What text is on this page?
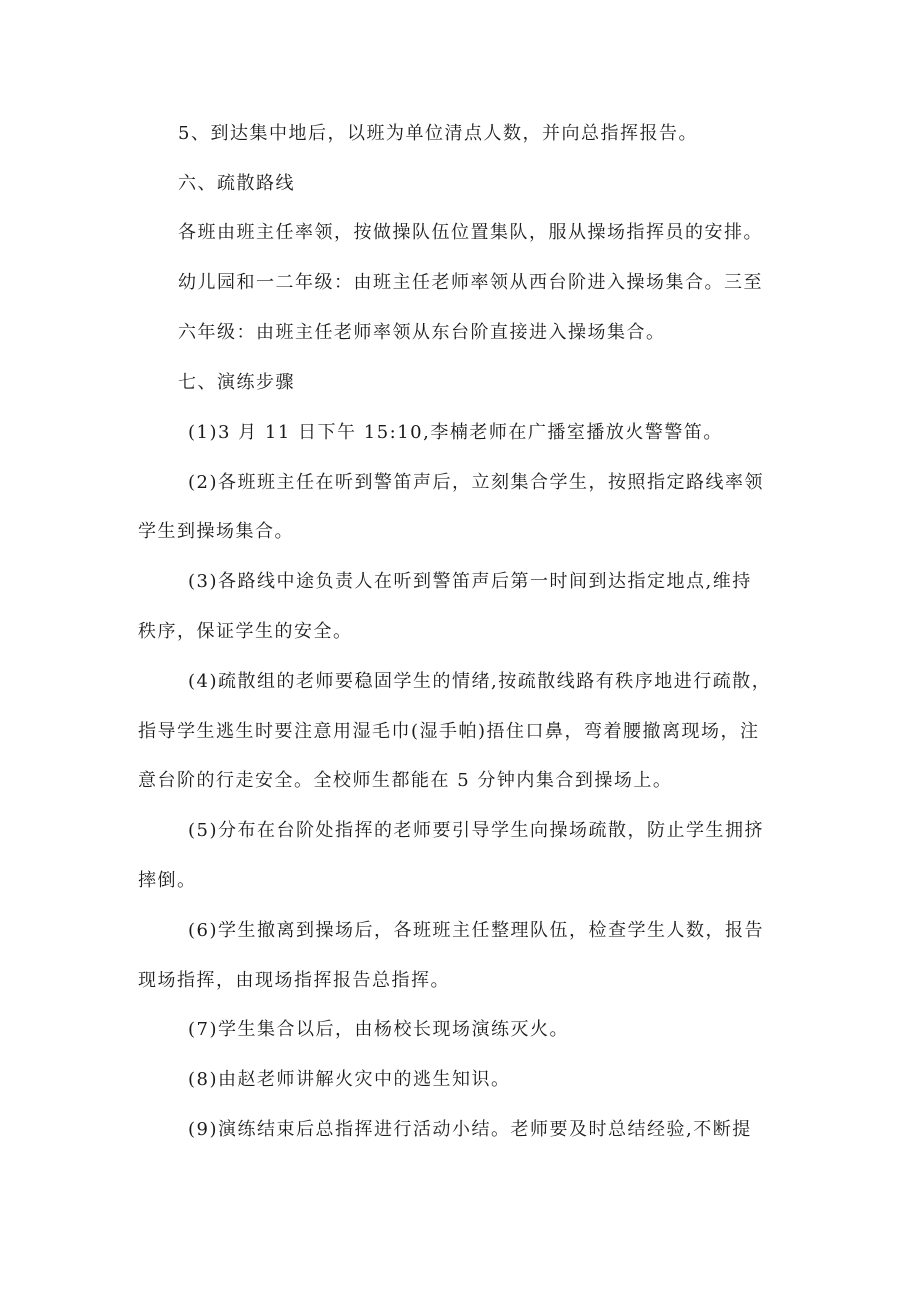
5、到达集中地后，以班为单位清点人数，并向总指挥报告。
六、疏散路线
各班由班主任率领，按做操队伍位置集队，服从操场指挥员的安排。
幼儿园和一二年级：由班主任老师率领从西台阶进入操场集合。三至
六年级：由班主任老师率领从东台阶直接进入操场集合。
七、演练步骤
(1)3 月 11 日下午 15:10,李楠老师在广播室播放火警警笛。
(2)各班班主任在听到警笛声后，立刻集合学生，按照指定路线率领
学生到操场集合。
(3)各路线中途负责人在听到警笛声后第一时间到达指定地点,维持
秩序，保证学生的安全。
(4)疏散组的老师要稳固学生的情绪,按疏散线路有秩序地进行疏散，
指导学生逃生时要注意用湿毛巾(湿手帕)捂住口鼻，弯着腰撤离现场，注
意台阶的行走安全。全校师生都能在 5 分钟内集合到操场上。
(5)分布在台阶处指挥的老师要引导学生向操场疏散，防止学生拥挤
摔倒。
(6)学生撤离到操场后，各班班主任整理队伍，检查学生人数，报告
现场指挥，由现场指挥报告总指挥。
(7)学生集合以后，由杨校长现场演练灭火。
(8)由赵老师讲解火灾中的逃生知识。
(9)演练结束后总指挥进行活动小结。老师要及时总结经验,不断提
